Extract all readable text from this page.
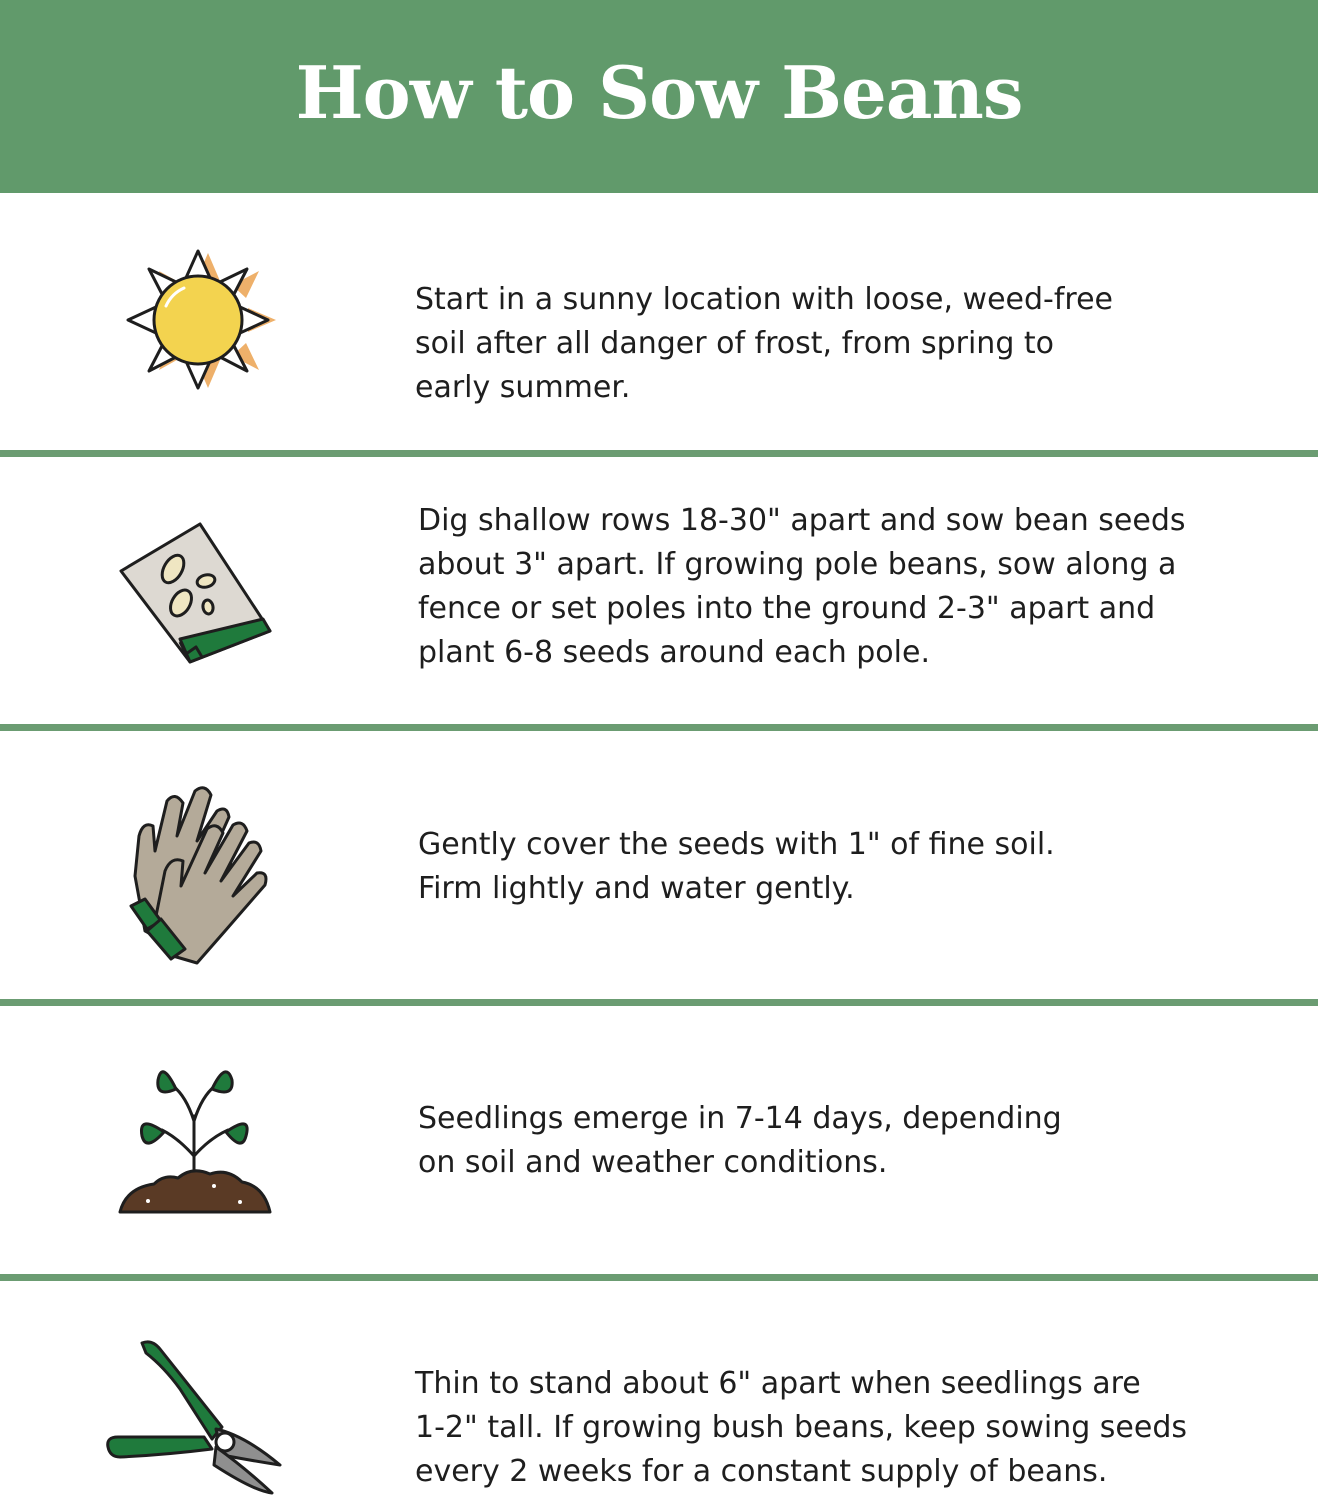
How to Sow Beans

Start in a sunny location with loose, weed-free
soil after all danger of frost, from spring to
early summer.

Dig shallow rows 18-30" apart and sow bean seeds
about 3" apart. If growing pole beans, sow along a
fence or set poles into the ground 2-3" apart and
plant 6-8 seeds around each pole.

Gently cover the seeds with 1" of fine soil.
Firm lightly and water gently.

Seedlings emerge in 7-14 days, depending
on soil and weather conditions.

Thin to stand about 6" apart when seedlings are
1-2" tall. If growing bush beans, keep sowing seeds
every 2 weeks for a constant supply of beans.
